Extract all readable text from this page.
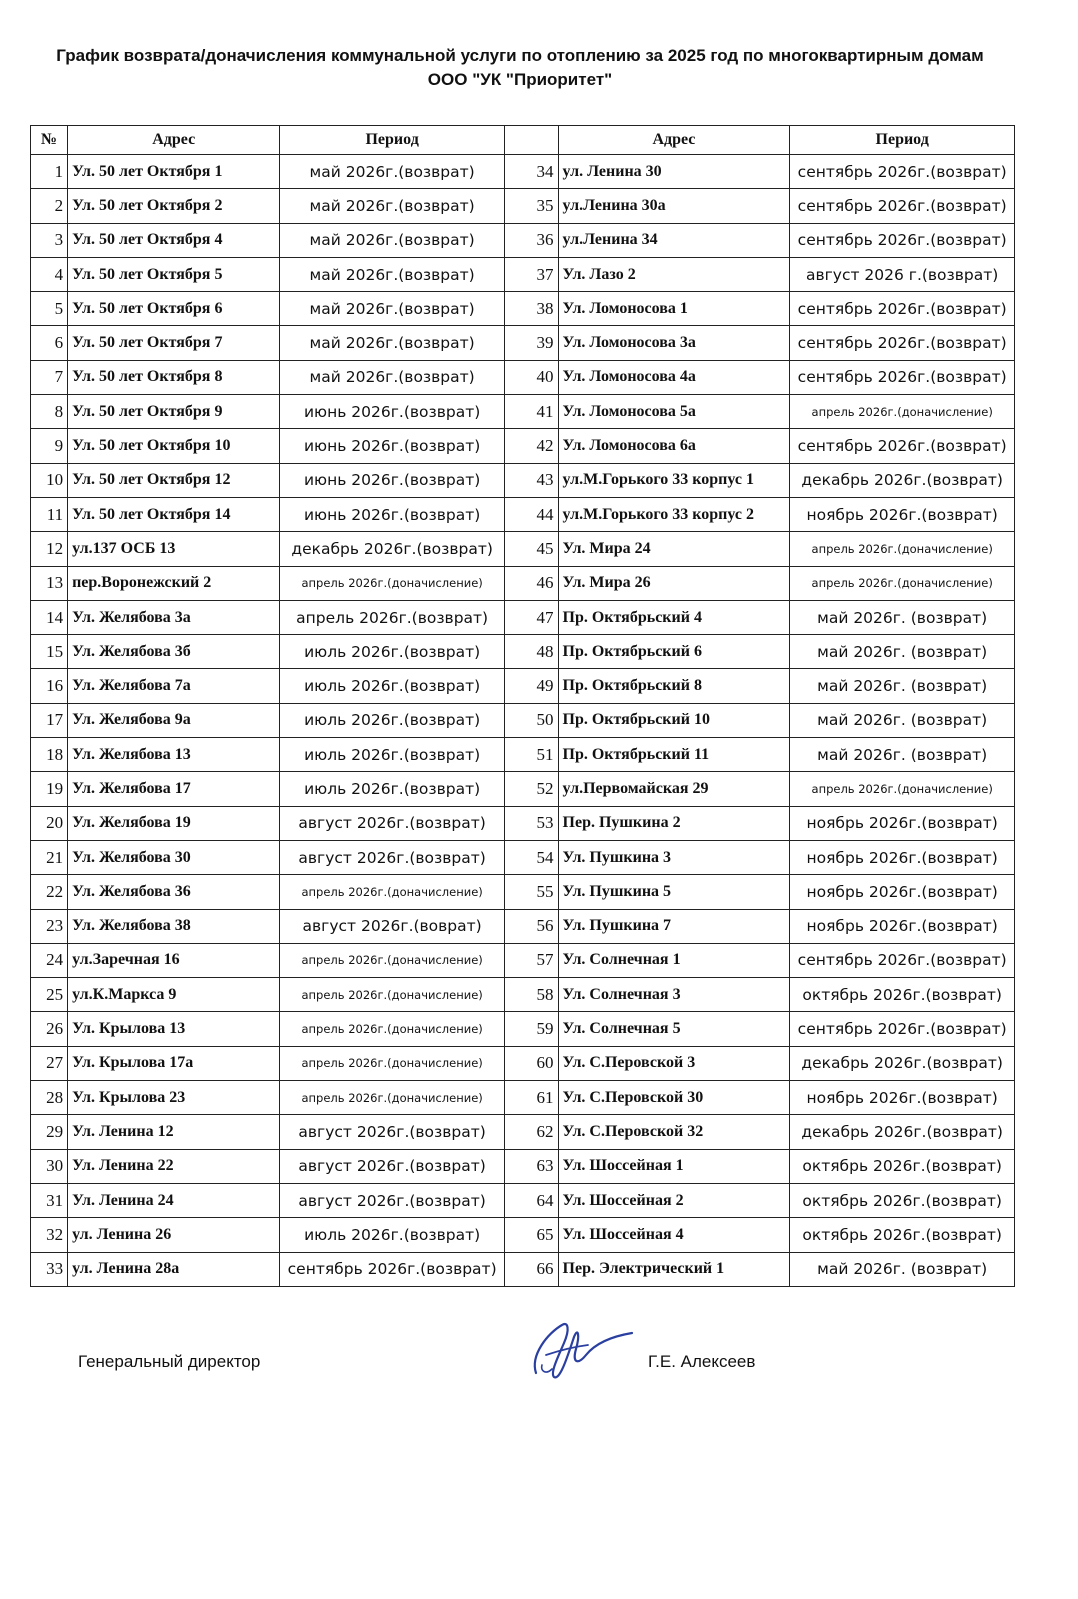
График возврата/доначисления коммунальной услуги по отоплению за 2025 год по многоквартирным домам
ООО "УК "Приоритет"
№	Адрес	Период		Адрес	Период
1	Ул. 50 лет Октября 1	май 2026г.(возврат)	34	ул. Ленина 30	сентябрь 2026г.(возврат)
2	Ул. 50 лет Октября 2	май 2026г.(возврат)	35	ул.Ленина 30а	сентябрь 2026г.(возврат)
3	Ул. 50 лет Октября 4	май 2026г.(возврат)	36	ул.Ленина 34	сентябрь 2026г.(возврат)
4	Ул. 50 лет Октября 5	май 2026г.(возврат)	37	Ул. Лазо 2	август 2026 г.(возврат)
5	Ул. 50 лет Октября 6	май 2026г.(возврат)	38	Ул. Ломоносова 1	сентябрь 2026г.(возврат)
6	Ул. 50 лет Октября 7	май 2026г.(возврат)	39	Ул. Ломоносова 3а	сентябрь 2026г.(возврат)
7	Ул. 50 лет Октября 8	май 2026г.(возврат)	40	Ул. Ломоносова 4а	сентябрь 2026г.(возврат)
8	Ул. 50 лет Октября 9	июнь 2026г.(возврат)	41	Ул. Ломоносова 5а	апрель 2026г.(доначисление)
9	Ул. 50 лет Октября 10	июнь 2026г.(возврат)	42	Ул. Ломоносова 6а	сентябрь 2026г.(возврат)
10	Ул. 50 лет Октября 12	июнь 2026г.(возврат)	43	ул.М.Горького 33 корпус 1	декабрь 2026г.(возврат)
11	Ул. 50 лет Октября 14	июнь 2026г.(возврат)	44	ул.М.Горького 33 корпус 2	ноябрь 2026г.(возврат)
12	ул.137 ОСБ 13	декабрь 2026г.(возврат)	45	Ул. Мира 24	апрель 2026г.(доначисление)
13	пер.Воронежский 2	апрель 2026г.(доначисление)	46	Ул. Мира 26	апрель 2026г.(доначисление)
14	Ул. Желябова 3а	апрель 2026г.(возврат)	47	Пр. Октябрьский 4	май 2026г. (возврат)
15	Ул. Желябова 3б	июль 2026г.(возврат)	48	Пр. Октябрьский 6	май 2026г. (возврат)
16	Ул. Желябова 7а	июль 2026г.(возврат)	49	Пр. Октябрьский 8	май 2026г. (возврат)
17	Ул. Желябова 9а	июль 2026г.(возврат)	50	Пр. Октябрьский 10	май 2026г. (возврат)
18	Ул. Желябова 13	июль 2026г.(возврат)	51	Пр. Октябрьский 11	май 2026г. (возврат)
19	Ул. Желябова 17	июль 2026г.(возврат)	52	ул.Первомайская 29	апрель 2026г.(доначисление)
20	Ул. Желябова 19	август 2026г.(возврат)	53	Пер. Пушкина 2	ноябрь 2026г.(возврат)
21	Ул. Желябова 30	август 2026г.(возврат)	54	Ул. Пушкина 3	ноябрь 2026г.(возврат)
22	Ул. Желябова 36	апрель 2026г.(доначисление)	55	Ул. Пушкина 5	ноябрь 2026г.(возврат)
23	Ул. Желябова 38	август 2026г.(воврат)	56	Ул. Пушкина 7	ноябрь 2026г.(возврат)
24	ул.Заречная 16	апрель 2026г.(доначисление)	57	Ул. Солнечная 1	сентябрь 2026г.(возврат)
25	ул.К.Маркса 9	апрель 2026г.(доначисление)	58	Ул. Солнечная 3	октябрь 2026г.(возврат)
26	Ул. Крылова 13	апрель 2026г.(доначисление)	59	Ул. Солнечная 5	сентябрь 2026г.(возврат)
27	Ул. Крылова 17а	апрель 2026г.(доначисление)	60	Ул. С.Перовской 3	декабрь 2026г.(возврат)
28	Ул. Крылова 23	апрель 2026г.(доначисление)	61	Ул. С.Перовской 30	ноябрь 2026г.(возврат)
29	Ул. Ленина 12	август 2026г.(возврат)	62	Ул. С.Перовской 32	декабрь 2026г.(возврат)
30	Ул. Ленина 22	август 2026г.(возврат)	63	Ул. Шоссейная 1	октябрь 2026г.(возврат)
31	Ул. Ленина 24	август 2026г.(возврат)	64	Ул. Шоссейная 2	октябрь 2026г.(возврат)
32	ул. Ленина 26	июль 2026г.(возврат)	65	Ул. Шоссейная 4	октябрь 2026г.(возврат)
33	ул. Ленина 28а	сентябрь 2026г.(возврат)	66	Пер. Электрический 1	май 2026г. (возврат)
Генеральный директор	Г.Е. Алексеев
